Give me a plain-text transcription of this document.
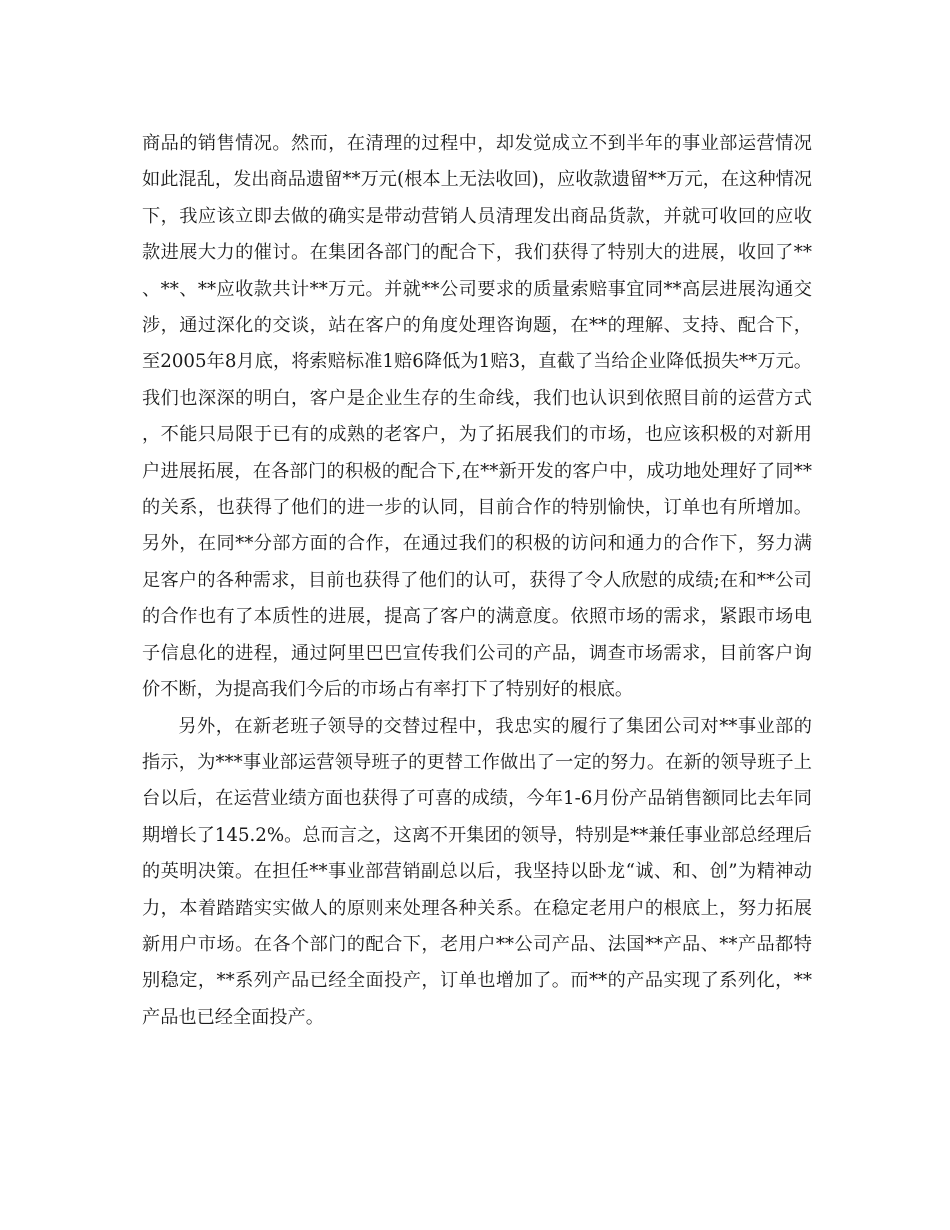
商品的销售情况。然而，在清理的过程中，却发觉成立不到半年的事业部运营情况如此混乱，发出商品遗留**万元(根本上无法收回)，应收款遗留**万元，在这种情况下，我应该立即去做的确实是带动营销人员清理发出商品货款，并就可收回的应收款进展大力的催讨。在集团各部门的配合下，我们获得了特别大的进展，收回了**、**、**应收款共计**万元。并就**公司要求的质量索赔事宜同**高层进展沟通交涉，通过深化的交谈，站在客户的角度处理咨询题，在**的理解、支持、配合下，至2005年8月底，将索赔标准1赔6降低为1赔3，直截了当给企业降低损失**万元。我们也深深的明白，客户是企业生存的生命线，我们也认识到依照目前的运营方式，不能只局限于已有的成熟的老客户，为了拓展我们的市场，也应该积极的对新用户进展拓展，在各部门的积极的配合下,在**新开发的客户中，成功地处理好了同**的关系，也获得了他们的进一步的认同，目前合作的特别愉快，订单也有所增加。另外，在同**分部方面的合作，在通过我们的积极的访问和通力的合作下，努力满足客户的各种需求，目前也获得了他们的认可，获得了令人欣慰的成绩;在和**公司的合作也有了本质性的进展，提高了客户的满意度。依照市场的需求，紧跟市场电子信息化的进程，通过阿里巴巴宣传我们公司的产品，调查市场需求，目前客户询价不断，为提高我们今后的市场占有率打下了特别好的根底。

另外，在新老班子领导的交替过程中，我忠实的履行了集团公司对**事业部的指示，为***事业部运营领导班子的更替工作做出了一定的努力。在新的领导班子上台以后，在运营业绩方面也获得了可喜的成绩，今年1-6月份产品销售额同比去年同期增长了145.2%。总而言之，这离不开集团的领导，特别是**兼任事业部总经理后的英明决策。在担任**事业部营销副总以后，我坚持以卧龙“诚、和、创”为精神动力，本着踏踏实实做人的原则来处理各种关系。在稳定老用户的根底上，努力拓展新用户市场。在各个部门的配合下，老用户**公司产品、法国**产品、**产品都特别稳定，**系列产品已经全面投产，订单也增加了。而**的产品实现了系列化，**产品也已经全面投产。
